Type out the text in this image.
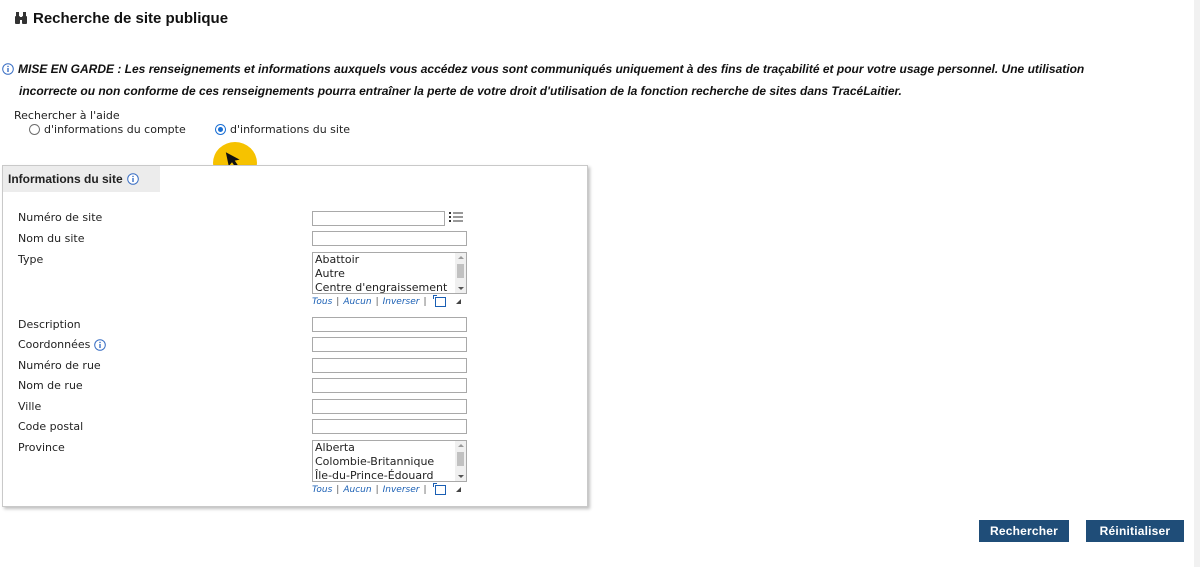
Recherche de site publique
MISE EN GARDE : Les renseignements et informations auxquels vous accédez vous sont communiqués uniquement à des fins de traçabilité et pour votre usage personnel. Une utilisation
incorrecte ou non conforme de ces renseignements pourra entraîner la perte de votre droit d'utilisation de la fonction recherche de sites dans TracéLaitier.
Rechercher à l'aide
d'informations du compte	d'informations du site
Informations du site
Numéro de site
Nom du site
Type	Abattoir
Autre
Centre d'engraissement
Tous | Aucun | Inverser |
Description
Coordonnées
Numéro de rue
Nom de rue
Ville
Code postal
Province	Alberta
Colombie-Britannique
Île-du-Prince-Édouard
Tous | Aucun | Inverser |
Rechercher	Réinitialiser
